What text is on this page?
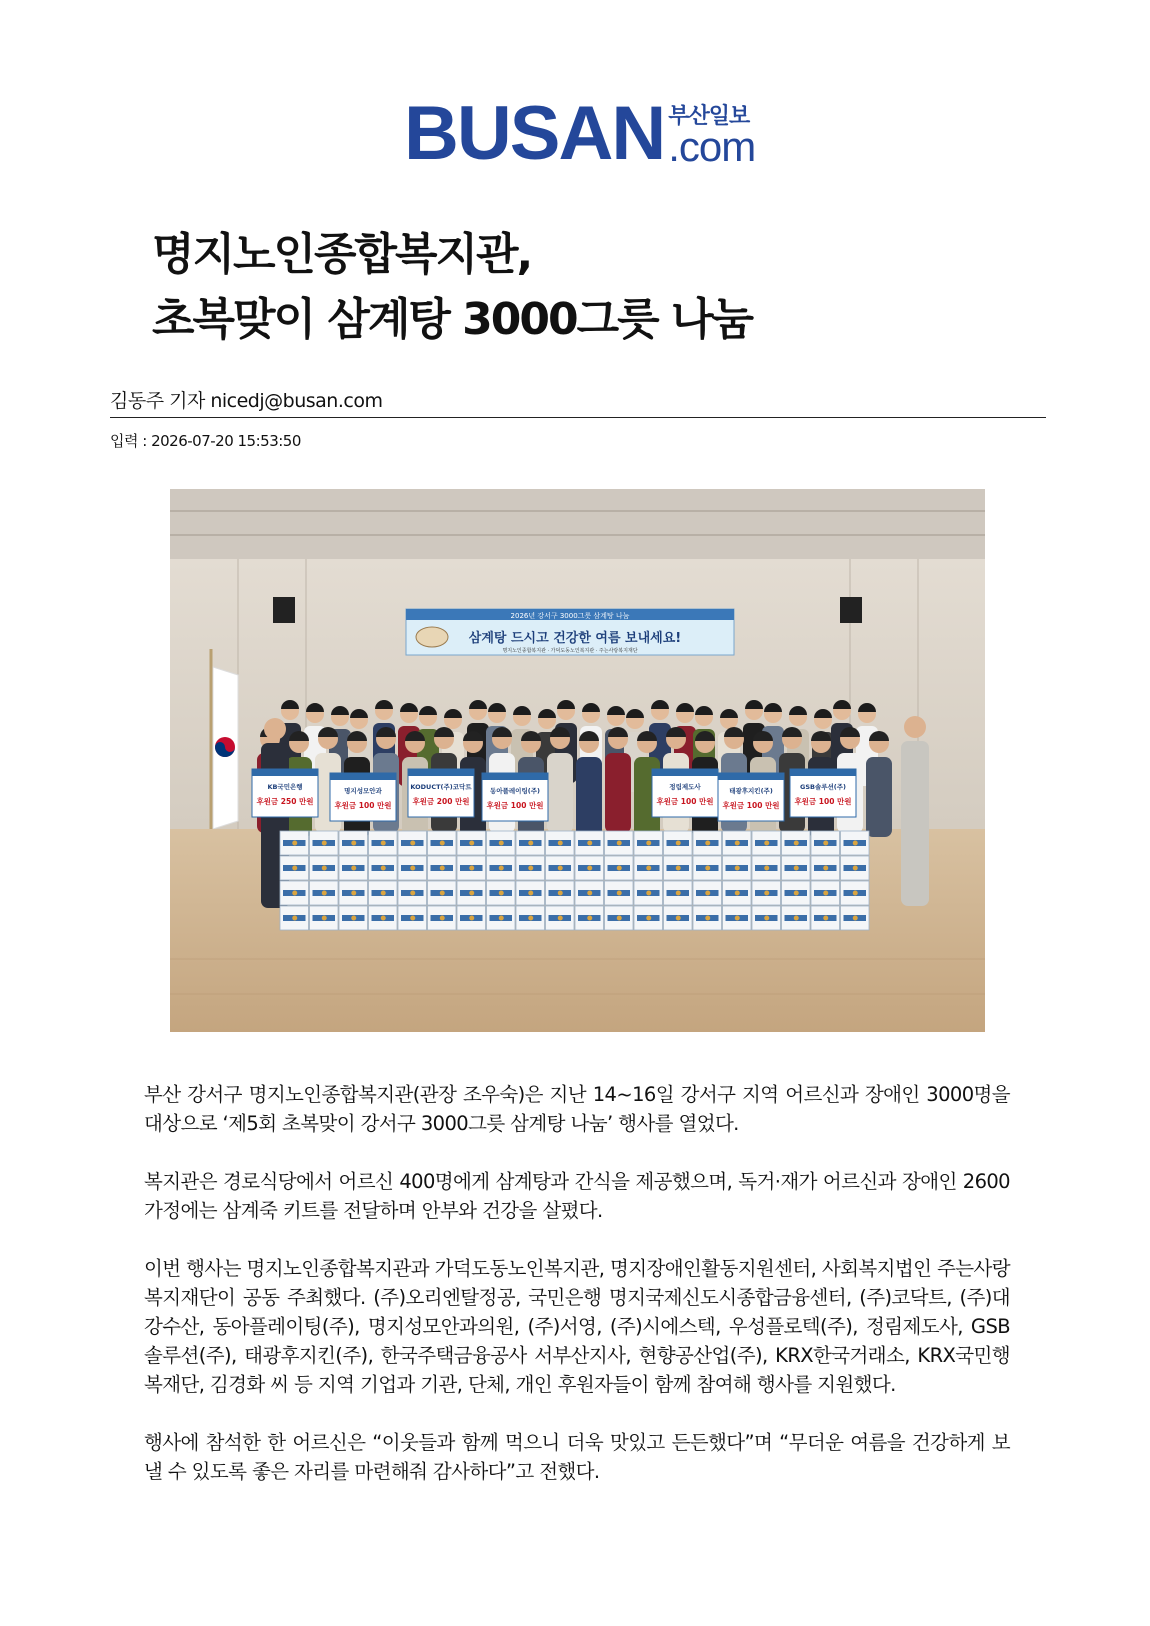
BUSAN 부산일보
.com
명지노인종합복지관,
초복맞이 삼계탕 3000그릇 나눔
김동주 기자 nicedj@busan.com
입력 : 2026-07-20 15:53:50
2026년 강서구 3000그릇 삼계탕 나눔
삼계탕 드시고 건강한 여름 보내세요!
명지노인종합복지관 · 가덕도동노인복지관 · 주는사랑복지재단
KB국민은행
후원금 250 만원
명지성모안과
후원금 100 만원
KODUCT(주)코닥트
후원금 200 만원
동아플레이팅(주)
후원금 100 만원
정림제도사
후원금 100 만원
태광후지킨(주)
후원금 100 만원
GSB솔루션(주)
후원금 100 만원

부산 강서구 명지노인종합복지관(관장 조우숙)은 지난 14~16일 강서구 지역 어르신과 장애인 3000명을 대상으로 ‘제5회 초복맞이 강서구 3000그릇 삼계탕 나눔’ 행사를 열었다.

복지관은 경로식당에서 어르신 400명에게 삼계탕과 간식을 제공했으며, 독거·재가 어르신과 장애인 2600가정에는 삼계죽 키트를 전달하며 안부와 건강을 살폈다.

이번 행사는 명지노인종합복지관과 가덕도동노인복지관, 명지장애인활동지원센터, 사회복지법인 주는사랑복지재단이 공동 주최했다. (주)오리엔탈정공, 국민은행 명지국제신도시종합금융센터, (주)코닥트, (주)대강수산, 동아플레이팅(주), 명지성모안과의원, (주)서영, (주)시에스텍, 우성플로텍(주), 정림제도사, GSB솔루션(주), 태광후지킨(주), 한국주택금융공사 서부산지사, 현향공산업(주), KRX한국거래소, KRX국민행복재단, 김경화 씨 등 지역 기업과 기관, 단체, 개인 후원자들이 함께 참여해 행사를 지원했다.

행사에 참석한 한 어르신은 “이웃들과 함께 먹으니 더욱 맛있고 든든했다”며 “무더운 여름을 건강하게 보낼 수 있도록 좋은 자리를 마련해줘 감사하다”고 전했다.
